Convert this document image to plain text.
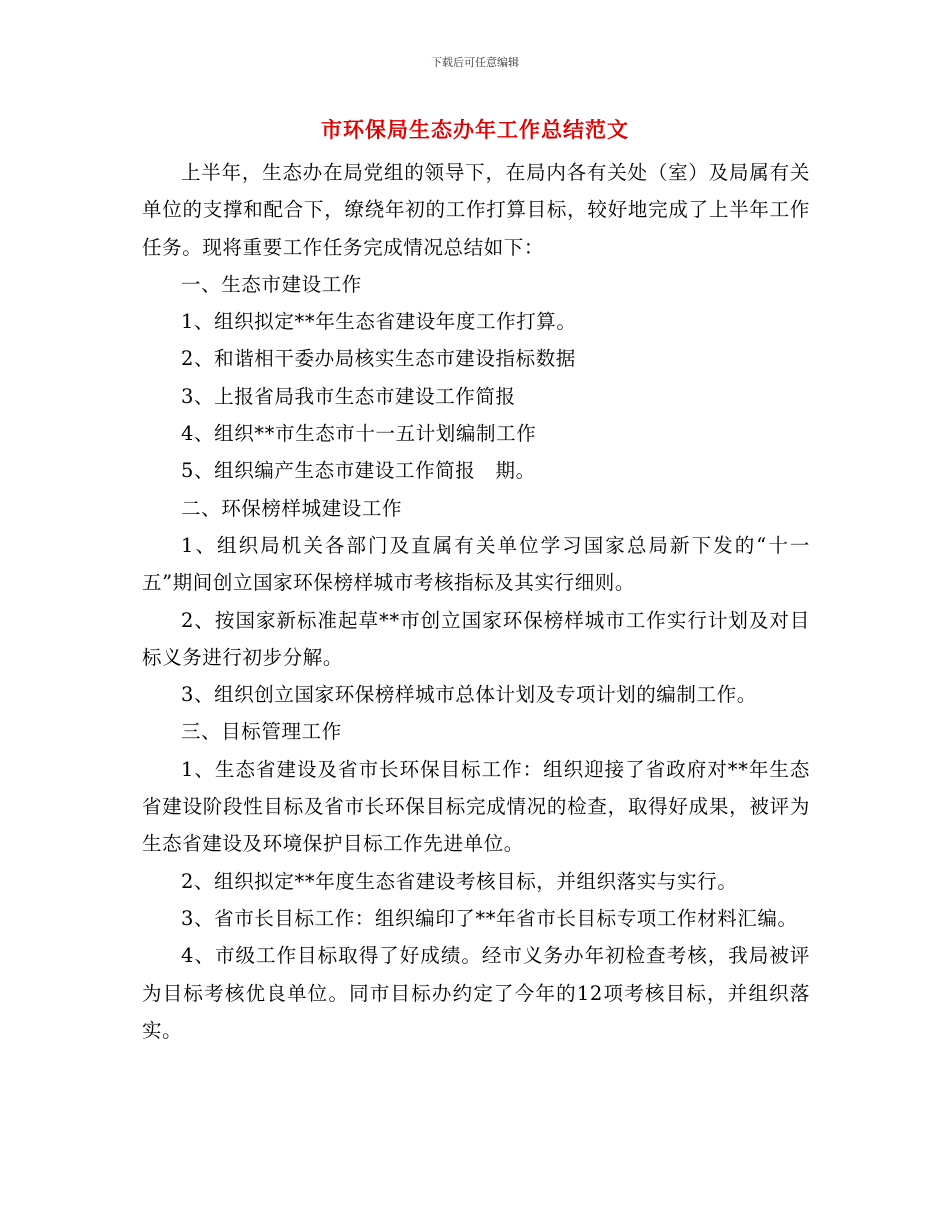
下载后可任意编辑
市环保局生态办年工作总结范文

上半年，生态办在局党组的领导下，在局内各有关处（室）及局属有关单位的支撑和配合下，缭绕年初的工作打算目标，较好地完成了上半年工作任务。现将重要工作任务完成情况总结如下：

一、生态市建设工作

1、组织拟定**年生态省建设年度工作打算。

2、和谐相干委办局核实生态市建设指标数据

3、上报省局我市生态市建设工作简报

4、组织**市生态市十一五计划编制工作

5、组织编产生态市建设工作简报　期。

二、环保榜样城建设工作

1、组织局机关各部门及直属有关单位学习国家总局新下发的“十一五”期间创立国家环保榜样城市考核指标及其实行细则。

2、按国家新标准起草**市创立国家环保榜样城市工作实行计划及对目标义务进行初步分解。

3、组织创立国家环保榜样城市总体计划及专项计划的编制工作。

三、目标管理工作

1、生态省建设及省市长环保目标工作：组织迎接了省政府对**年生态省建设阶段性目标及省市长环保目标完成情况的检查，取得好成果，被评为生态省建设及环境保护目标工作先进单位。

2、组织拟定**年度生态省建设考核目标，并组织落实与实行。

3、省市长目标工作：组织编印了**年省市长目标专项工作材料汇编。

4、市级工作目标取得了好成绩。经市义务办年初检查考核，我局被评为目标考核优良单位。同市目标办约定了今年的12项考核目标，并组织落实。
